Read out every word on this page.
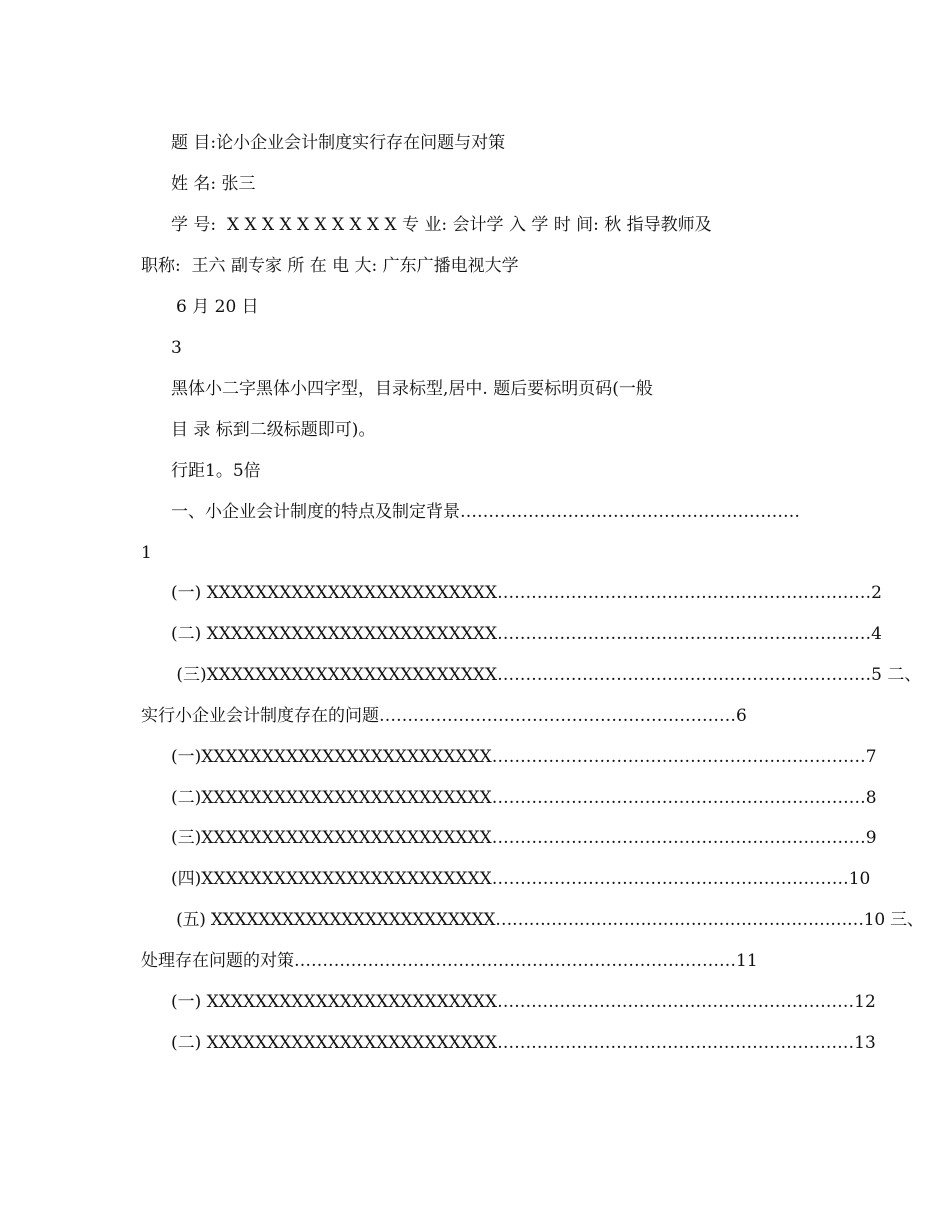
题 目:论小企业会计制度实行存在问题与对策
姓 名: 张三
学 号:  X X X X X X X X X X 专 业: 会计学 入 学 时 间: 秋 指导教师及
职称:  王六 副专家 所 在 电 大: 广东广播电视大学
6 月 20 日
3
黑体小二字黑体小四字型，目录标型,居中. 题后要标明页码(一般
目 录 标到二级标题即可)。
行距1。5倍
一、小企业会计制度的特点及制定背景……………………………………………………
1
(一) XXXXXXXXXXXXXXXXXXXXXXXX…………………………………………………………2
(二) XXXXXXXXXXXXXXXXXXXXXXXX…………………………………………………………4
(三)XXXXXXXXXXXXXXXXXXXXXXXX…………………………………………………………5 二、
实行小企业会计制度存在的问题………………………………………………………6
(一)XXXXXXXXXXXXXXXXXXXXXXXX…………………………………………………………7
(二)XXXXXXXXXXXXXXXXXXXXXXXX…………………………………………………………8
(三)XXXXXXXXXXXXXXXXXXXXXXXX…………………………………………………………9
(四)XXXXXXXXXXXXXXXXXXXXXXXX………………………………………………………10
(五) XXXXXXXXXXXXXXXXXXXXXXXX…………………………………………………………10 三、
处理存在问题的对策……………………………………………………………………11
(一) XXXXXXXXXXXXXXXXXXXXXXXX………………………………………………………12
(二) XXXXXXXXXXXXXXXXXXXXXXXX………………………………………………………13
